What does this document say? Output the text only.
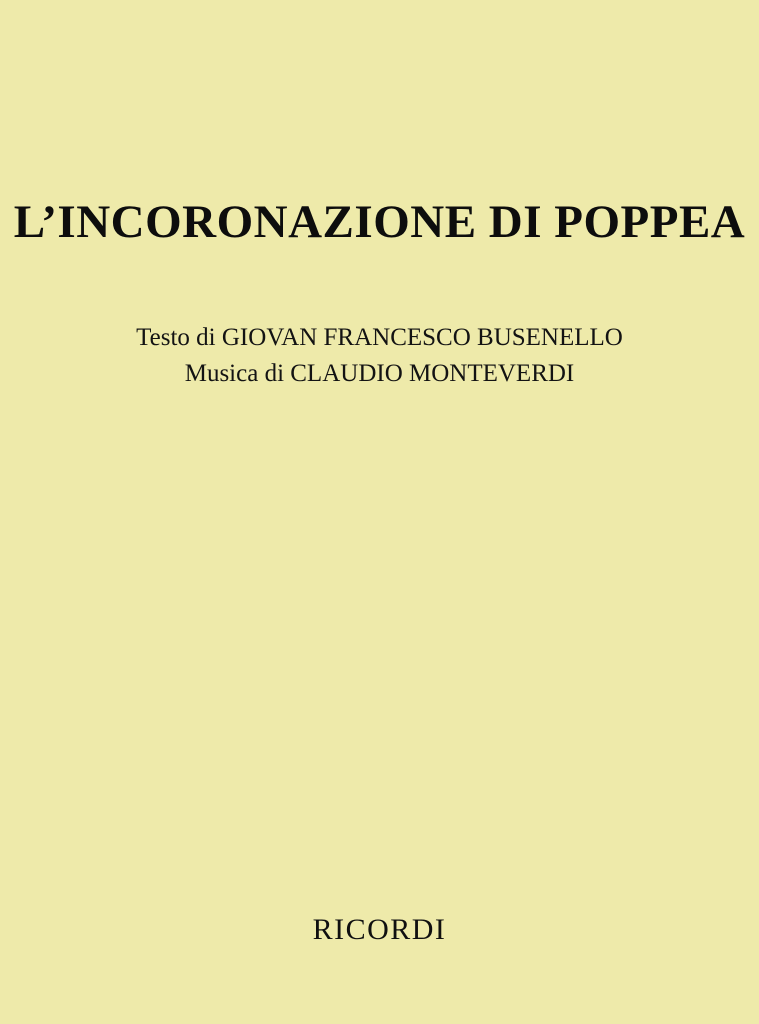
L’INCORONAZIONE DI POPPEA

Testo di GIOVAN FRANCESCO BUSENELLO

Musica di CLAUDIO MONTEVERDI

RICORDI
